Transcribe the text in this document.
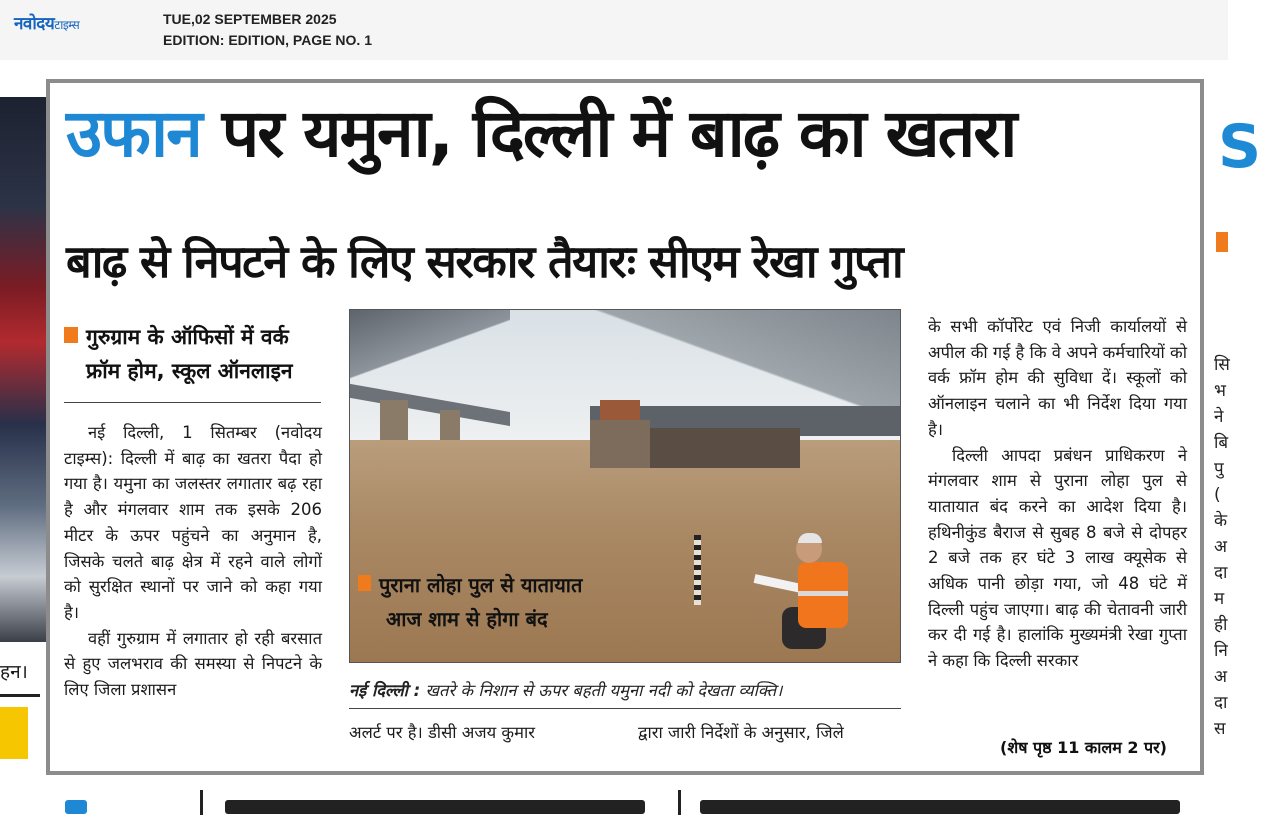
नवोदयटाइम्स	TUE,02 SEPTEMBER 2025
EDITION: EDITION, PAGE NO. 1
हन।
S
सि
भ
ने
बि
पु
(
के
अ
दा
म
ही
नि
अ
दा
स
उफान पर यमुना, दिल्ली में बाढ़ का खतरा
बाढ़ से निपटने के लिए सरकार तैयारः सीएम रेखा गुप्ता
गुरुग्राम के ऑफिसों में वर्क
फ्रॉम होम, स्कूल ऑनलाइन

नई दिल्ली, 1 सितम्बर (नवोदय टाइम्स): दिल्ली में बाढ़ का खतरा पैदा हो गया है। यमुना का जलस्तर लगातार बढ़ रहा है और मंगलवार शाम तक इसके 206 मीटर के ऊपर पहुंचने का अनुमान है, जिसके चलते बाढ़ क्षेत्र में रहने वाले लोगों को सुरक्षित स्थानों पर जाने को कहा गया है।

वहीं गुरुग्राम में लगातार हो रही बरसात से हुए जलभराव की समस्या से निपटने के लिए जिला प्रशासन

पुराना लोहा पुल से यातायात
आज शाम से होगा बंद
नई दिल्ली : खतरे के निशान से ऊपर बहती यमुना नदी को देखता व्यक्ति।
अलर्ट पर है। डीसी अजय कुमार	द्वारा जारी निर्देशों के अनुसार, जिले

के सभी कॉर्पोरेट एवं निजी कार्यालयों से अपील की गई है कि वे अपने कर्मचारियों को वर्क फ्रॉम होम की सुविधा दें। स्कूलों को ऑनलाइन चलाने का भी निर्देश दिया गया है।

दिल्ली आपदा प्रबंधन प्राधिकरण ने मंगलवार शाम से पुराना लोहा पुल से यातायात बंद करने का आदेश दिया है। हथिनीकुंड बैराज से सुबह 8 बजे से दोपहर 2 बजे तक हर घंटे 3 लाख क्यूसेक से अधिक पानी छोड़ा गया, जो 48 घंटे में दिल्ली पहुंच जाएगा। बाढ़ की चेतावनी जारी कर दी गई है। हालांकि मुख्यमंत्री रेखा गुप्ता ने कहा कि दिल्ली सरकार

(शेष पृष्ठ 11 कालम 2 पर)
